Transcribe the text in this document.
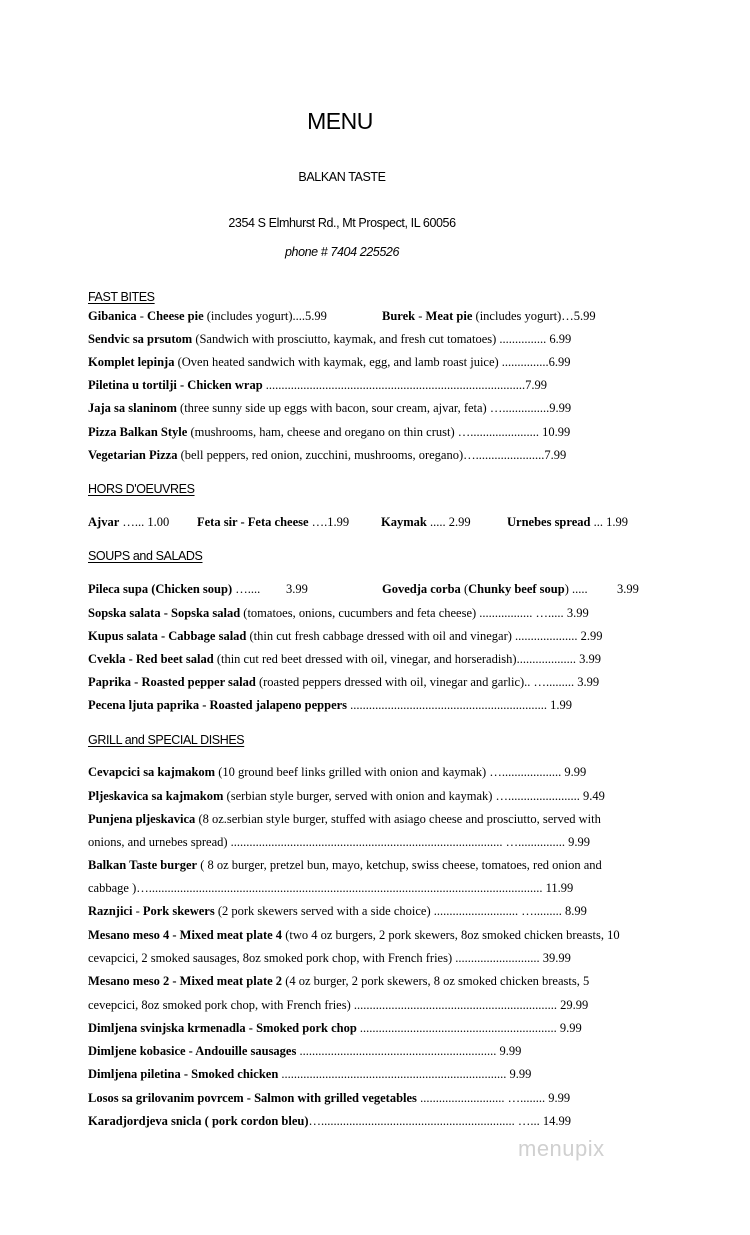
MENU
BALKAN TASTE
2354 S Elmhurst Rd., Mt Prospect, IL 60056
phone # 7404 225526
FAST BITES
Gibanica - Cheese pie (includes yogurt)....5.99	Burek - Meat pie (includes yogurt)…5.99
Sendvic sa prsutom (Sandwich with prosciutto, kaymak, and fresh cut tomatoes) ............... 6.99
Komplet lepinja (Oven heated sandwich with kaymak, egg, and lamb roast juice) ...............6.99
Piletina u tortilji - Chicken wrap ...................................................................................7.99
Jaja sa slaninom (three sunny side up eggs with bacon, sour cream, ajvar, feta) …...............9.99
Pizza Balkan Style (mushrooms, ham, cheese and oregano on thin crust) …...................... 10.99
Vegetarian Pizza (bell peppers, red onion, zucchini, mushrooms, oregano)…......................7.99
HORS D'OEUVRES
Ajvar …... 1.00 Feta sir - Feta cheese ….1.99	Kaymak ..... 2.99	Urnebes spread ... 1.99
SOUPS and SALADS
Pileca supa (Chicken soup) ….... 3.99	Govedja corba (Chunky beef soup) ..... 3.99
Sopska salata - Sopska salad (tomatoes, onions, cucumbers and feta cheese) ................. …..... 3.99
Kupus salata - Cabbage salad (thin cut fresh cabbage dressed with oil and vinegar) .................... 2.99
Cvekla - Red beet salad (thin cut red beet dressed with oil, vinegar, and horseradish)................... 3.99
Paprika - Roasted pepper salad (roasted peppers dressed with oil, vinegar and garlic).. …......... 3.99
Pecena ljuta paprika - Roasted jalapeno peppers ............................................................... 1.99
GRILL and SPECIAL DISHES
Cevapcici sa kajmakom (10 ground beef links grilled with onion and kaymak) …................... 9.99
Pljeskavica sa kajmakom (serbian style burger, served with onion and kaymak) …....................... 9.49
Punjena pljeskavica (8 oz.serbian style burger, stuffed with asiago cheese and prosciutto, served with
onions, and urnebes spread) ....................................................................................... …............... 9.99
Balkan Taste burger ( 8 oz burger, pretzel bun, mayo, ketchup, swiss cheese, tomatoes, red onion and
cabbage )….............................................................................................................................. 11.99
Raznjici - Pork skewers (2 pork skewers served with a side choice) ........................... …......... 8.99
Mesano meso 4 - Mixed meat plate 4 (two 4 oz burgers, 2 pork skewers, 8oz smoked chicken breasts, 10
cevapcici, 2 smoked sausages, 8oz smoked pork chop, with French fries) ........................... 39.99
Mesano meso 2 - Mixed meat plate 2 (4 oz burger, 2 pork skewers, 8 oz smoked chicken breasts, 5
cevepcici, 8oz smoked pork chop, with French fries) ................................................................. 29.99
Dimljena svinjska krmenadla - Smoked pork chop ............................................................... 9.99
Dimljene kobasice - Andouille sausages ............................................................... 9.99
Dimljena piletina - Smoked chicken ........................................................................ 9.99
Losos sa grilovanim povrcem - Salmon with grilled vegetables ........................... …........ 9.99
Karadjordjeva snicla ( pork cordon bleu)….............................................................. …... 14.99
menupix
